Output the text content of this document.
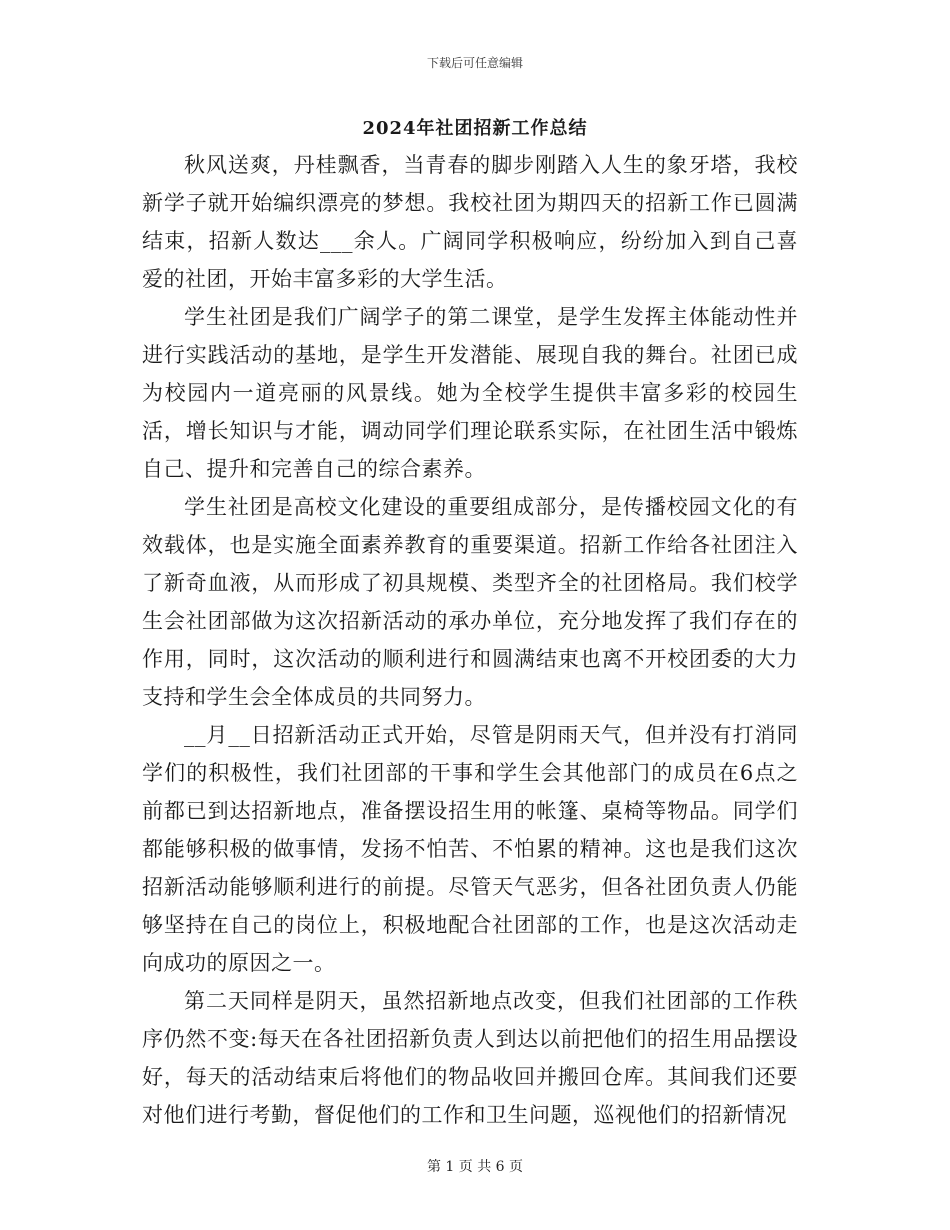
下载后可任意编辑
2024年社团招新工作总结

秋风送爽，丹桂飘香，当青春的脚步刚踏入人生的象牙塔，我校新学子就开始编织漂亮的梦想。我校社团为期四天的招新工作已圆满结束，招新人数达___余人。广阔同学积极响应，纷纷加入到自己喜爱的社团，开始丰富多彩的大学生活。

学生社团是我们广阔学子的第二课堂，是学生发挥主体能动性并进行实践活动的基地，是学生开发潜能、展现自我的舞台。社团已成为校园内一道亮丽的风景线。她为全校学生提供丰富多彩的校园生活，增长知识与才能，调动同学们理论联系实际，在社团生活中锻炼自己、提升和完善自己的综合素养。

学生社团是高校文化建设的重要组成部分，是传播校园文化的有效载体，也是实施全面素养教育的重要渠道。招新工作给各社团注入了新奇血液，从而形成了初具规模、类型齐全的社团格局。我们校学生会社团部做为这次招新活动的承办单位，充分地发挥了我们存在的作用，同时，这次活动的顺利进行和圆满结束也离不开校团委的大力支持和学生会全体成员的共同努力。

__月__日招新活动正式开始，尽管是阴雨天气，但并没有打消同学们的积极性，我们社团部的干事和学生会其他部门的成员在6点之前都已到达招新地点，准备摆设招生用的帐篷、桌椅等物品。同学们都能够积极的做事情，发扬不怕苦、不怕累的精神。这也是我们这次招新活动能够顺利进行的前提。尽管天气恶劣，但各社团负责人仍能够坚持在自己的岗位上，积极地配合社团部的工作，也是这次活动走向成功的原因之一。

第二天同样是阴天，虽然招新地点改变，但我们社团部的工作秩序仍然不变:每天在各社团招新负责人到达以前把他们的招生用品摆设好，每天的活动结束后将他们的物品收回并搬回仓库。其间我们还要对他们进行考勤，督促他们的工作和卫生问题，巡视他们的招新情况

第 1 页 共 6 页
